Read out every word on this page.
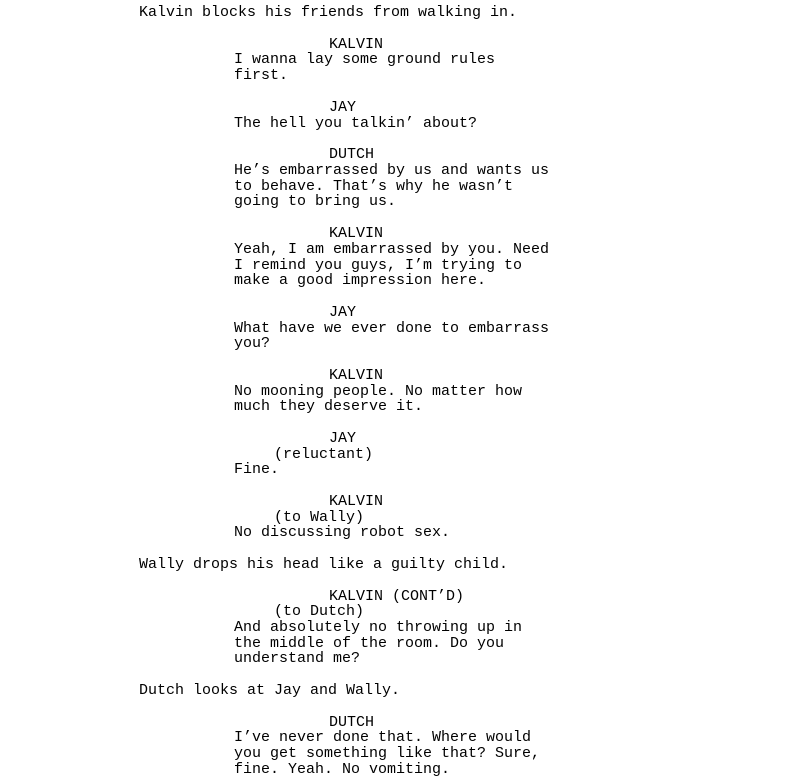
Kalvin blocks his friends from walking in.

KALVIN

I wanna lay some ground rules

first.

JAY

The hell you talkin’ about?

DUTCH

He’s embarrassed by us and wants us

to behave. That’s why he wasn’t

going to bring us.

KALVIN

Yeah, I am embarrassed by you. Need

I remind you guys, I’m trying to

make a good impression here.

JAY

What have we ever done to embarrass

you?

KALVIN

No mooning people. No matter how

much they deserve it.

JAY

(reluctant)

Fine.

KALVIN

(to Wally)

No discussing robot sex.

Wally drops his head like a guilty child.

KALVIN (CONT’D)

(to Dutch)

And absolutely no throwing up in

the middle of the room. Do you

understand me?

Dutch looks at Jay and Wally.

DUTCH

I’ve never done that. Where would

you get something like that? Sure,

fine. Yeah. No vomiting.
